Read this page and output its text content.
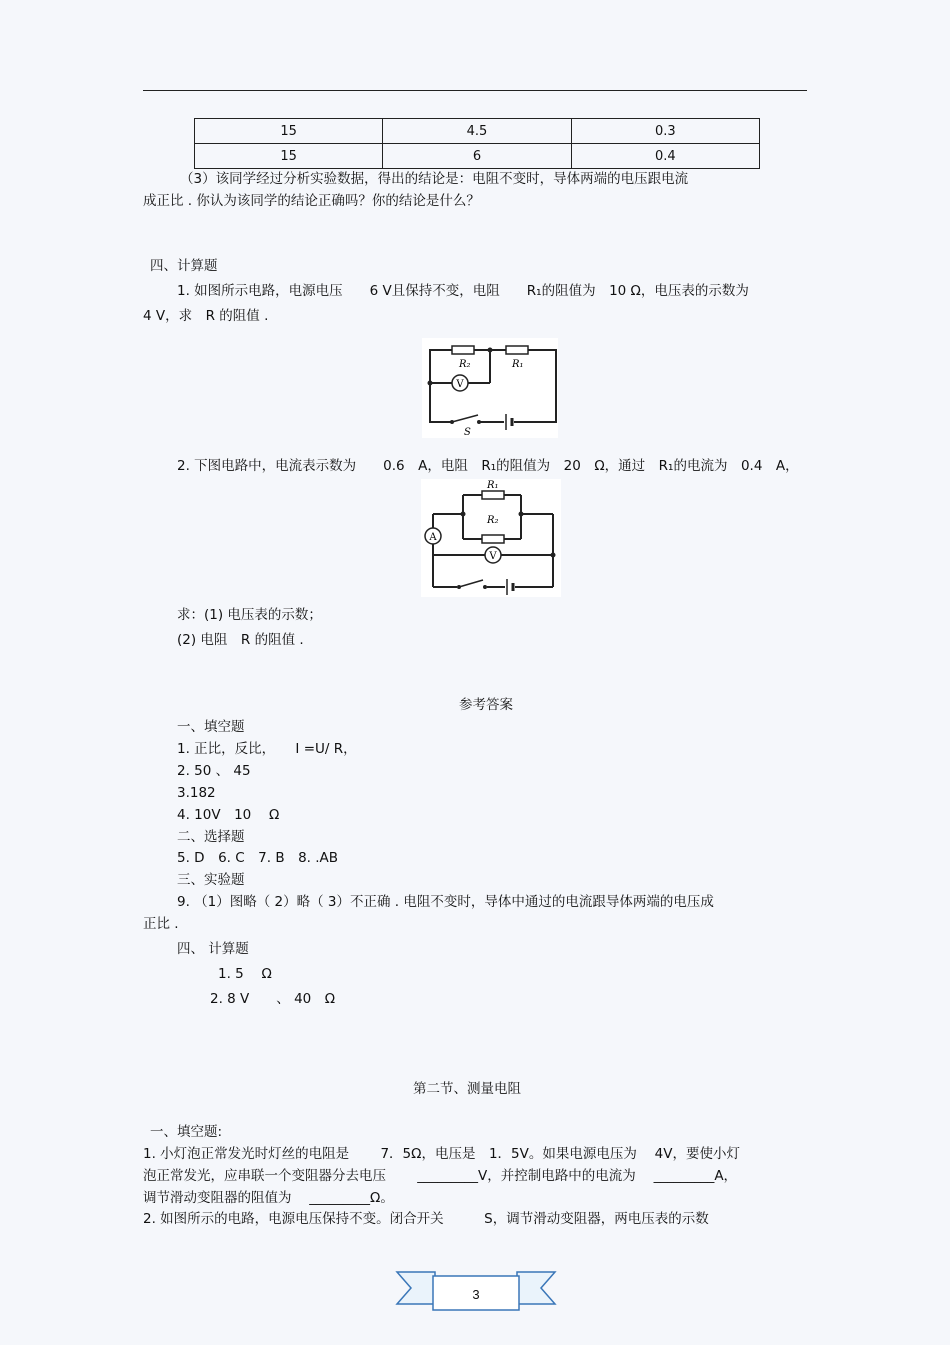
15	4.5	0.3
15	6	0.4
（3）该同学经过分析实验数据，得出的结论是：电阻不变时，导体两端的电压跟电流
成正比 . 你认为该同学的结论正确吗？你的结论是什么？
四、计算题
1. 如图所示电路，电源电压　　6 V且保持不变，电阻　　R₁的阻值为　10 Ω，电压表的示数为
4 V，求　R 的阻值 .
V
R₂	R₁
S
2. 下图电路中，电流表示数为　　0.6　A，电阻　R₁的阻值为　20　Ω，通过　R₁的电流为　0.4　A，
R₁
R₂
A
V
求：(1) 电压表的示数；
(2) 电阻　R 的阻值 .
参考答案
一、填空题
1. 正比，反比，　　I =U/ R，
2. 50 、 45
3.182
4. 10V　10　 Ω
二、选择题
5. D　6. C　7. B　8. .AB
三、实验题
9. （1）图略（ 2）略（ 3）不正确 . 电阻不变时，导体中通过的电流跟导体两端的电压成
正比 .
四、 计算题
1. 5　 Ω
2. 8 V　　、 40　Ω
第二节、测量电阻
一、填空题:
1. 小灯泡正常发光时灯丝的电阻是　　 7．5Ω，电压是　1．5V。如果电源电压为　 4V，要使小灯
泡正常发光，应串联一个变阻器分去电压　　 _________V，并控制电路中的电流为　 _________A，
调节滑动变阻器的阻值为　 _________Ω。
2. 如图所示的电路，电源电压保持不变。闭合开关　　　S，调节滑动变阻器，两电压表的示数
3
